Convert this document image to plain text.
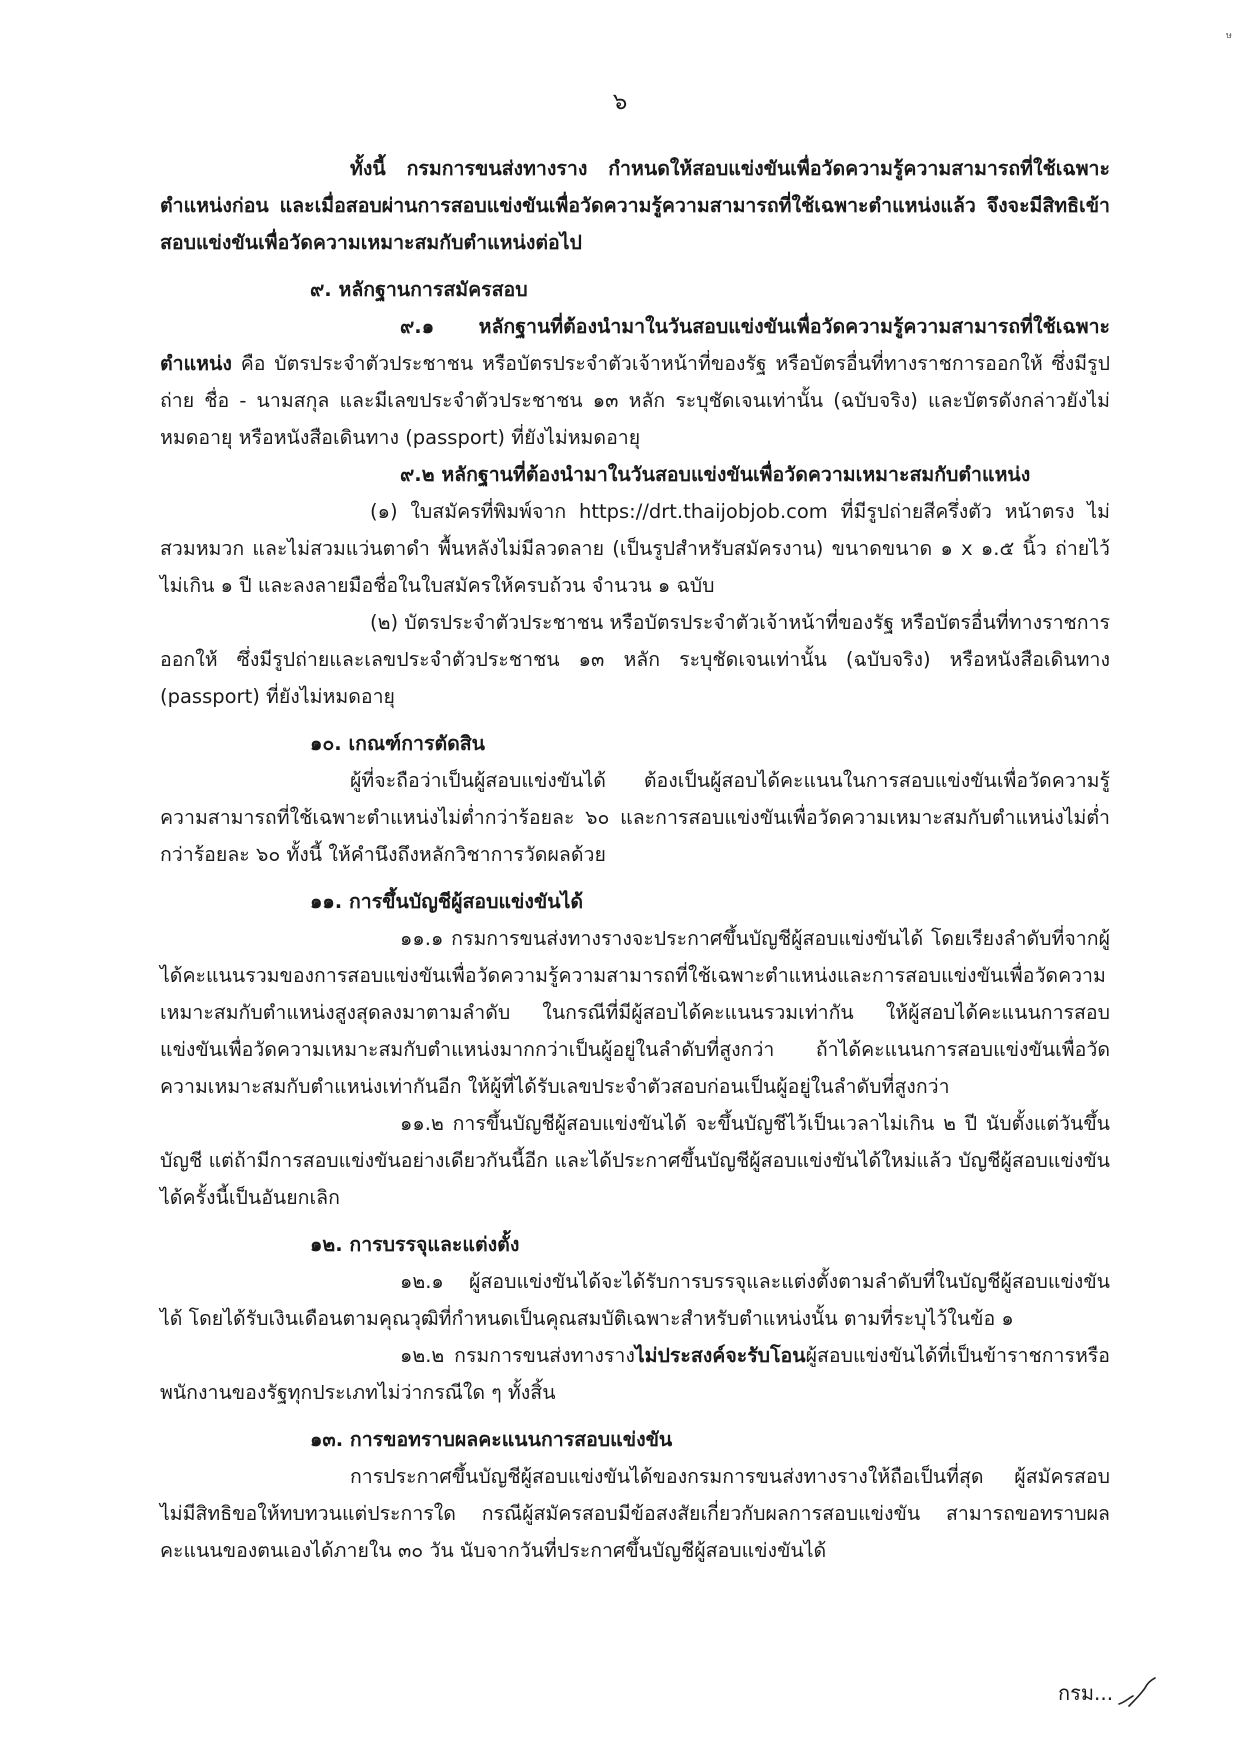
ษ
๖

ทั้งนี้ กรมการขนส่งทางราง กำหนดให้สอบแข่งขันเพื่อวัดความรู้ความสามารถที่ใช้เฉพาะตำแหน่งก่อน และเมื่อสอบผ่านการสอบแข่งขันเพื่อวัดความรู้ความสามารถที่ใช้เฉพาะตำแหน่งแล้ว จึงจะมีสิทธิเข้าสอบแข่งขันเพื่อวัดความเหมาะสมกับตำแหน่งต่อไป

๙. หลักฐานการสมัครสอบ

๙.๑ หลักฐานที่ต้องนำมาในวันสอบแข่งขันเพื่อวัดความรู้ความสามารถที่ใช้เฉพาะตำแหน่ง คือ บัตรประจำตัวประชาชน หรือบัตรประจำตัวเจ้าหน้าที่ของรัฐ หรือบัตรอื่นที่ทางราชการออกให้ ซึ่งมีรูปถ่าย ชื่อ - นามสกุล และมีเลขประจำตัวประชาชน ๑๓ หลัก ระบุชัดเจนเท่านั้น (ฉบับจริง) และบัตรดังกล่าวยังไม่หมดอายุ หรือหนังสือเดินทาง (passport) ที่ยังไม่หมดอายุ

๙.๒ หลักฐานที่ต้องนำมาในวันสอบแข่งขันเพื่อวัดความเหมาะสมกับตำแหน่ง

(๑) ใบสมัครที่พิมพ์จาก https://drt.thaijobjob.com ที่มีรูปถ่ายสีครึ่งตัว หน้าตรง ไม่สวมหมวก และไม่สวมแว่นตาดำ พื้นหลังไม่มีลวดลาย (เป็นรูปสำหรับสมัครงาน) ขนาดขนาด ๑ x ๑.๕ นิ้ว ถ่ายไว้ไม่เกิน ๑ ปี และลงลายมือชื่อในใบสมัครให้ครบถ้วน จำนวน ๑ ฉบับ

(๒) บัตรประจำตัวประชาชน หรือบัตรประจำตัวเจ้าหน้าที่ของรัฐ หรือบัตรอื่นที่ทางราชการออกให้ ซึ่งมีรูปถ่ายและเลขประจำตัวประชาชน ๑๓ หลัก ระบุชัดเจนเท่านั้น (ฉบับจริง) หรือหนังสือเดินทาง (passport) ที่ยังไม่หมดอายุ

๑๐. เกณฑ์การตัดสิน

ผู้ที่จะถือว่าเป็นผู้สอบแข่งขันได้ ต้องเป็นผู้สอบได้คะแนนในการสอบแข่งขันเพื่อวัดความรู้ความสามารถที่ใช้เฉพาะตำแหน่งไม่ต่ำกว่าร้อยละ ๖๐ และการสอบแข่งขันเพื่อวัดความเหมาะสมกับตำแหน่งไม่ต่ำกว่าร้อยละ ๖๐ ทั้งนี้ ให้คำนึงถึงหลักวิชาการวัดผลด้วย

๑๑. การขึ้นบัญชีผู้สอบแข่งขันได้

๑๑.๑ กรมการขนส่งทางรางจะประกาศขึ้นบัญชีผู้สอบแข่งขันได้ โดยเรียงลำดับที่จากผู้ได้คะแนนรวมของการสอบแข่งขันเพื่อวัดความรู้ความสามารถที่ใช้เฉพาะตำแหน่งและการสอบแข่งขันเพื่อวัดความเหมาะสมกับตำแหน่งสูงสุดลงมาตามลำดับ ในกรณีที่มีผู้สอบได้คะแนนรวมเท่ากัน ให้ผู้สอบได้คะแนนการสอบแข่งขันเพื่อวัดความเหมาะสมกับตำแหน่งมากกว่าเป็นผู้อยู่ในลำดับที่สูงกว่า ถ้าได้คะแนนการสอบแข่งขันเพื่อวัดความเหมาะสมกับตำแหน่งเท่ากันอีก ให้ผู้ที่ได้รับเลขประจำตัวสอบก่อนเป็นผู้อยู่ในลำดับที่สูงกว่า

๑๑.๒ การขึ้นบัญชีผู้สอบแข่งขันได้ จะขึ้นบัญชีไว้เป็นเวลาไม่เกิน ๒ ปี นับตั้งแต่วันขึ้นบัญชี แต่ถ้ามีการสอบแข่งขันอย่างเดียวกันนี้อีก และได้ประกาศขึ้นบัญชีผู้สอบแข่งขันได้ใหม่แล้ว บัญชีผู้สอบแข่งขันได้ครั้งนี้เป็นอันยกเลิก

๑๒. การบรรจุและแต่งตั้ง

๑๒.๑ ผู้สอบแข่งขันได้จะได้รับการบรรจุและแต่งตั้งตามลำดับที่ในบัญชีผู้สอบแข่งขันได้ โดยได้รับเงินเดือนตามคุณวุฒิที่กำหนดเป็นคุณสมบัติเฉพาะสำหรับตำแหน่งนั้น ตามที่ระบุไว้ในข้อ ๑

๑๒.๒ กรมการขนส่งทางรางไม่ประสงค์จะรับโอนผู้สอบแข่งขันได้ที่เป็นข้าราชการหรือพนักงานของรัฐทุกประเภทไม่ว่ากรณีใด ๆ ทั้งสิ้น

๑๓. การขอทราบผลคะแนนการสอบแข่งขัน

การประกาศขึ้นบัญชีผู้สอบแข่งขันได้ของกรมการขนส่งทางรางให้ถือเป็นที่สุด ผู้สมัครสอบไม่มีสิทธิขอให้ทบทวนแต่ประการใด กรณีผู้สมัครสอบมีข้อสงสัยเกี่ยวกับผลการสอบแข่งขัน สามารถขอทราบผลคะแนนของตนเองได้ภายใน ๓๐ วัน นับจากวันที่ประกาศขึ้นบัญชีผู้สอบแข่งขันได้

กรม...
